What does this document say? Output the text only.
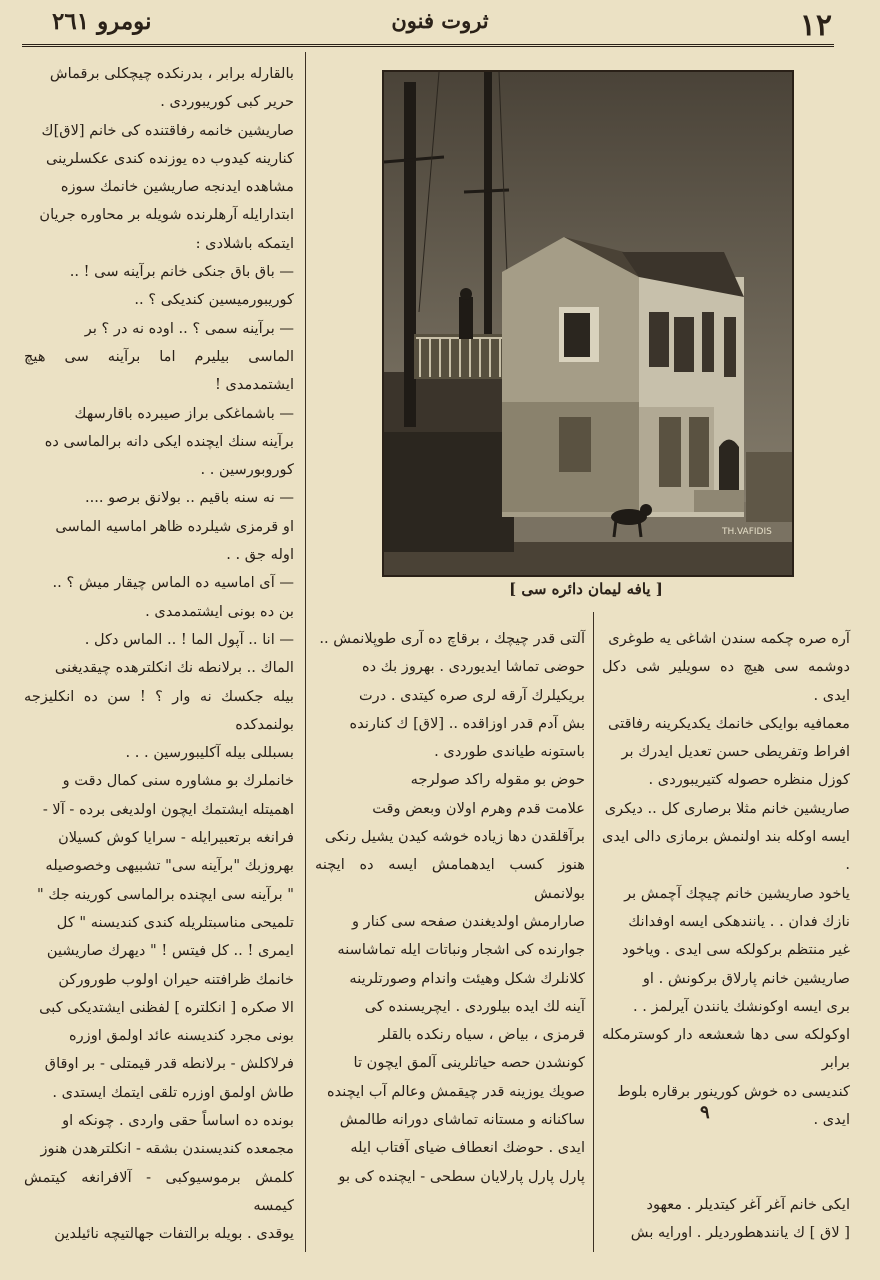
نومرو ٢٦١	ثروت فنون	١٢

بالقارله برابر ، بدرنكده چيچكلى برقماش

حرير كبى كوريبوردى .

صاريشين خانمه رفاقتنده كى خانم [لاق]ك

كنارينه كيدوب ده يوزنده كندى عكسلرينى

مشاهده ايدنجه صاريشين خانمك سوزه

ابتدارايله آرهلرنده شويله بر محاوره جريان

ايتمكه باشلادى :

— باق باق جنكى خانم برآينه سى ! ..

كوريبورميسين كنديكى ؟ ..

— برآينه سمى ؟ .. اوده نه در ؟ بر

الماسى بيليرم اما برآينه سى هيچ ايشتمدمدى !

— باشماغكى براز صيبرده باقارسهك

برآينه سنك ايچنده ايكى دانه برالماسى ده

كوروبورسين . .

— نه سنه باقيم .. بولانق برصو ....

او قرمزى شيلرده ظاهر اماسيه الماسى

اوله جق . .

— آى اماسيه ده الماس چيقار ميش ؟ ..

بن ده بونى ايشتمدمدى .

— انا .. آپول الما ! .. الماس دكل .

الماك .. برلانطه نك انكلترهده چيقديغنى

بيله جكسك نه وار ؟ ! سن ده انكليزجه بولنمدكده

بسبللى بيله آكليبورسين . . .

خانملرك بو مشاوره سنى كمال دقت و

اهميتله ايشتمك ايچون اولديغى برده - آلا -

فرانغه برتعبيرايله - سرايا كوش كسيلان

بهروزبك "برآينه سى" تشبيهى وخصوصيله

" برآينه سى ايچنده برالماسى كورينه جك "

تلميحى مناسبتلريله كندى كنديسنه " كل

ايمرى ! .. كل فيتس ! " ديهرك صاريشين

خانمك ظرافتنه حيران اولوب طوروركن

الا صكره [ انكلتره ] لفظنى ايشتديكى كبى

بونى مجرد كنديسنه عائد اولمق اوزره

فرلاكلش - برلانطه قدر قيمتلى - بر اوقاق

طاش اولمق اوزره تلقى ايتمك ايستدى .

بونده ده اساساً حقى واردى . چونكه او

مجمعده كنديسندن بشقه - انكلترهدن هنوز

كلمش برموسيوكبى - آلافرانغه كيتمش كيمسه

يوقدى . بويله برالتفات جهالتيچه نائيلدين

TH.VAFIDIS
[ يافه ليمان دائره سى ]

آلتى قدر چيچك ، برقاچ ده آرى طوپلانمش ..

حوضى تماشا ايديوردى . بهروز بك ده

بريكيلرك آرقه لرى صره كيتدى . درت

بش آدم قدر اوزاقده .. [لاق] ك كنارنده

باستونه طياندى طوردى .

حوض بو مقوله راكد صولرجه

علامت قدم وهرم اولان وبعض وقت

برآقلقدن دها زياده خوشه كيدن يشيل رنكى

هنوز كسب ايدهمامش ايسه ده ايچنه بولانمش

صارارمش اولديغندن صفحه سى كنار و

جوارنده كى اشجار ونباتات ايله تماشاسنه

كلانلرك شكل وهيئت واندام وصورتلرينه

آينه لك ايده بيلوردى . ايچريسنده كى

قرمزى ، بياض ، سياه رنكده بالقلر

كونشدن حصه حياتلرينى آلمق ايچون تا

صويك يوزينه قدر چيقمش وعالم آب ايچنده

ساكنانه و مستانه تماشاى دورانه طالمش

ايدى . حوضك انعطاف ضياى آفتاب ايله

پارل پارل پارلايان سطحى - ايچنده كى بو

آره صره چكمه سندن اشاغى يه طوغرى

دوشمه سى هيچ ده سويلير شى دكل ايدى .

معمافيه بوايكى خانمك يكديكرينه رفاقتى

افراط وتفريطى حسن تعديل ايدرك بر

كوزل منظره حصوله كتيريبوردى .

صاريشين خانم مثلا برصارى كل .. ديكرى

ايسه اوكله بند اولنمش برمازى دالى ايدى .

ياخود صاريشين خانم چيچك آچمش بر

نازك فدان . . يانندهكى ايسه اوفدانك

غير منتظم بركولكه سى ايدى . وياخود

صاريشين خانم پارلاق بركونش . او

برى ايسه اوكونشك يانندن آيرلمز . .

اوكولكه سى دها شعشعه دار كوسترمكله برابر

كنديسى ده خوش كورينور برقاره بلوط

ايدى .

ايكى خانم آغر آغر كيتديلر . معهود

[ لاق ] ك يانندهطورديلر . اورايه بش

٩
